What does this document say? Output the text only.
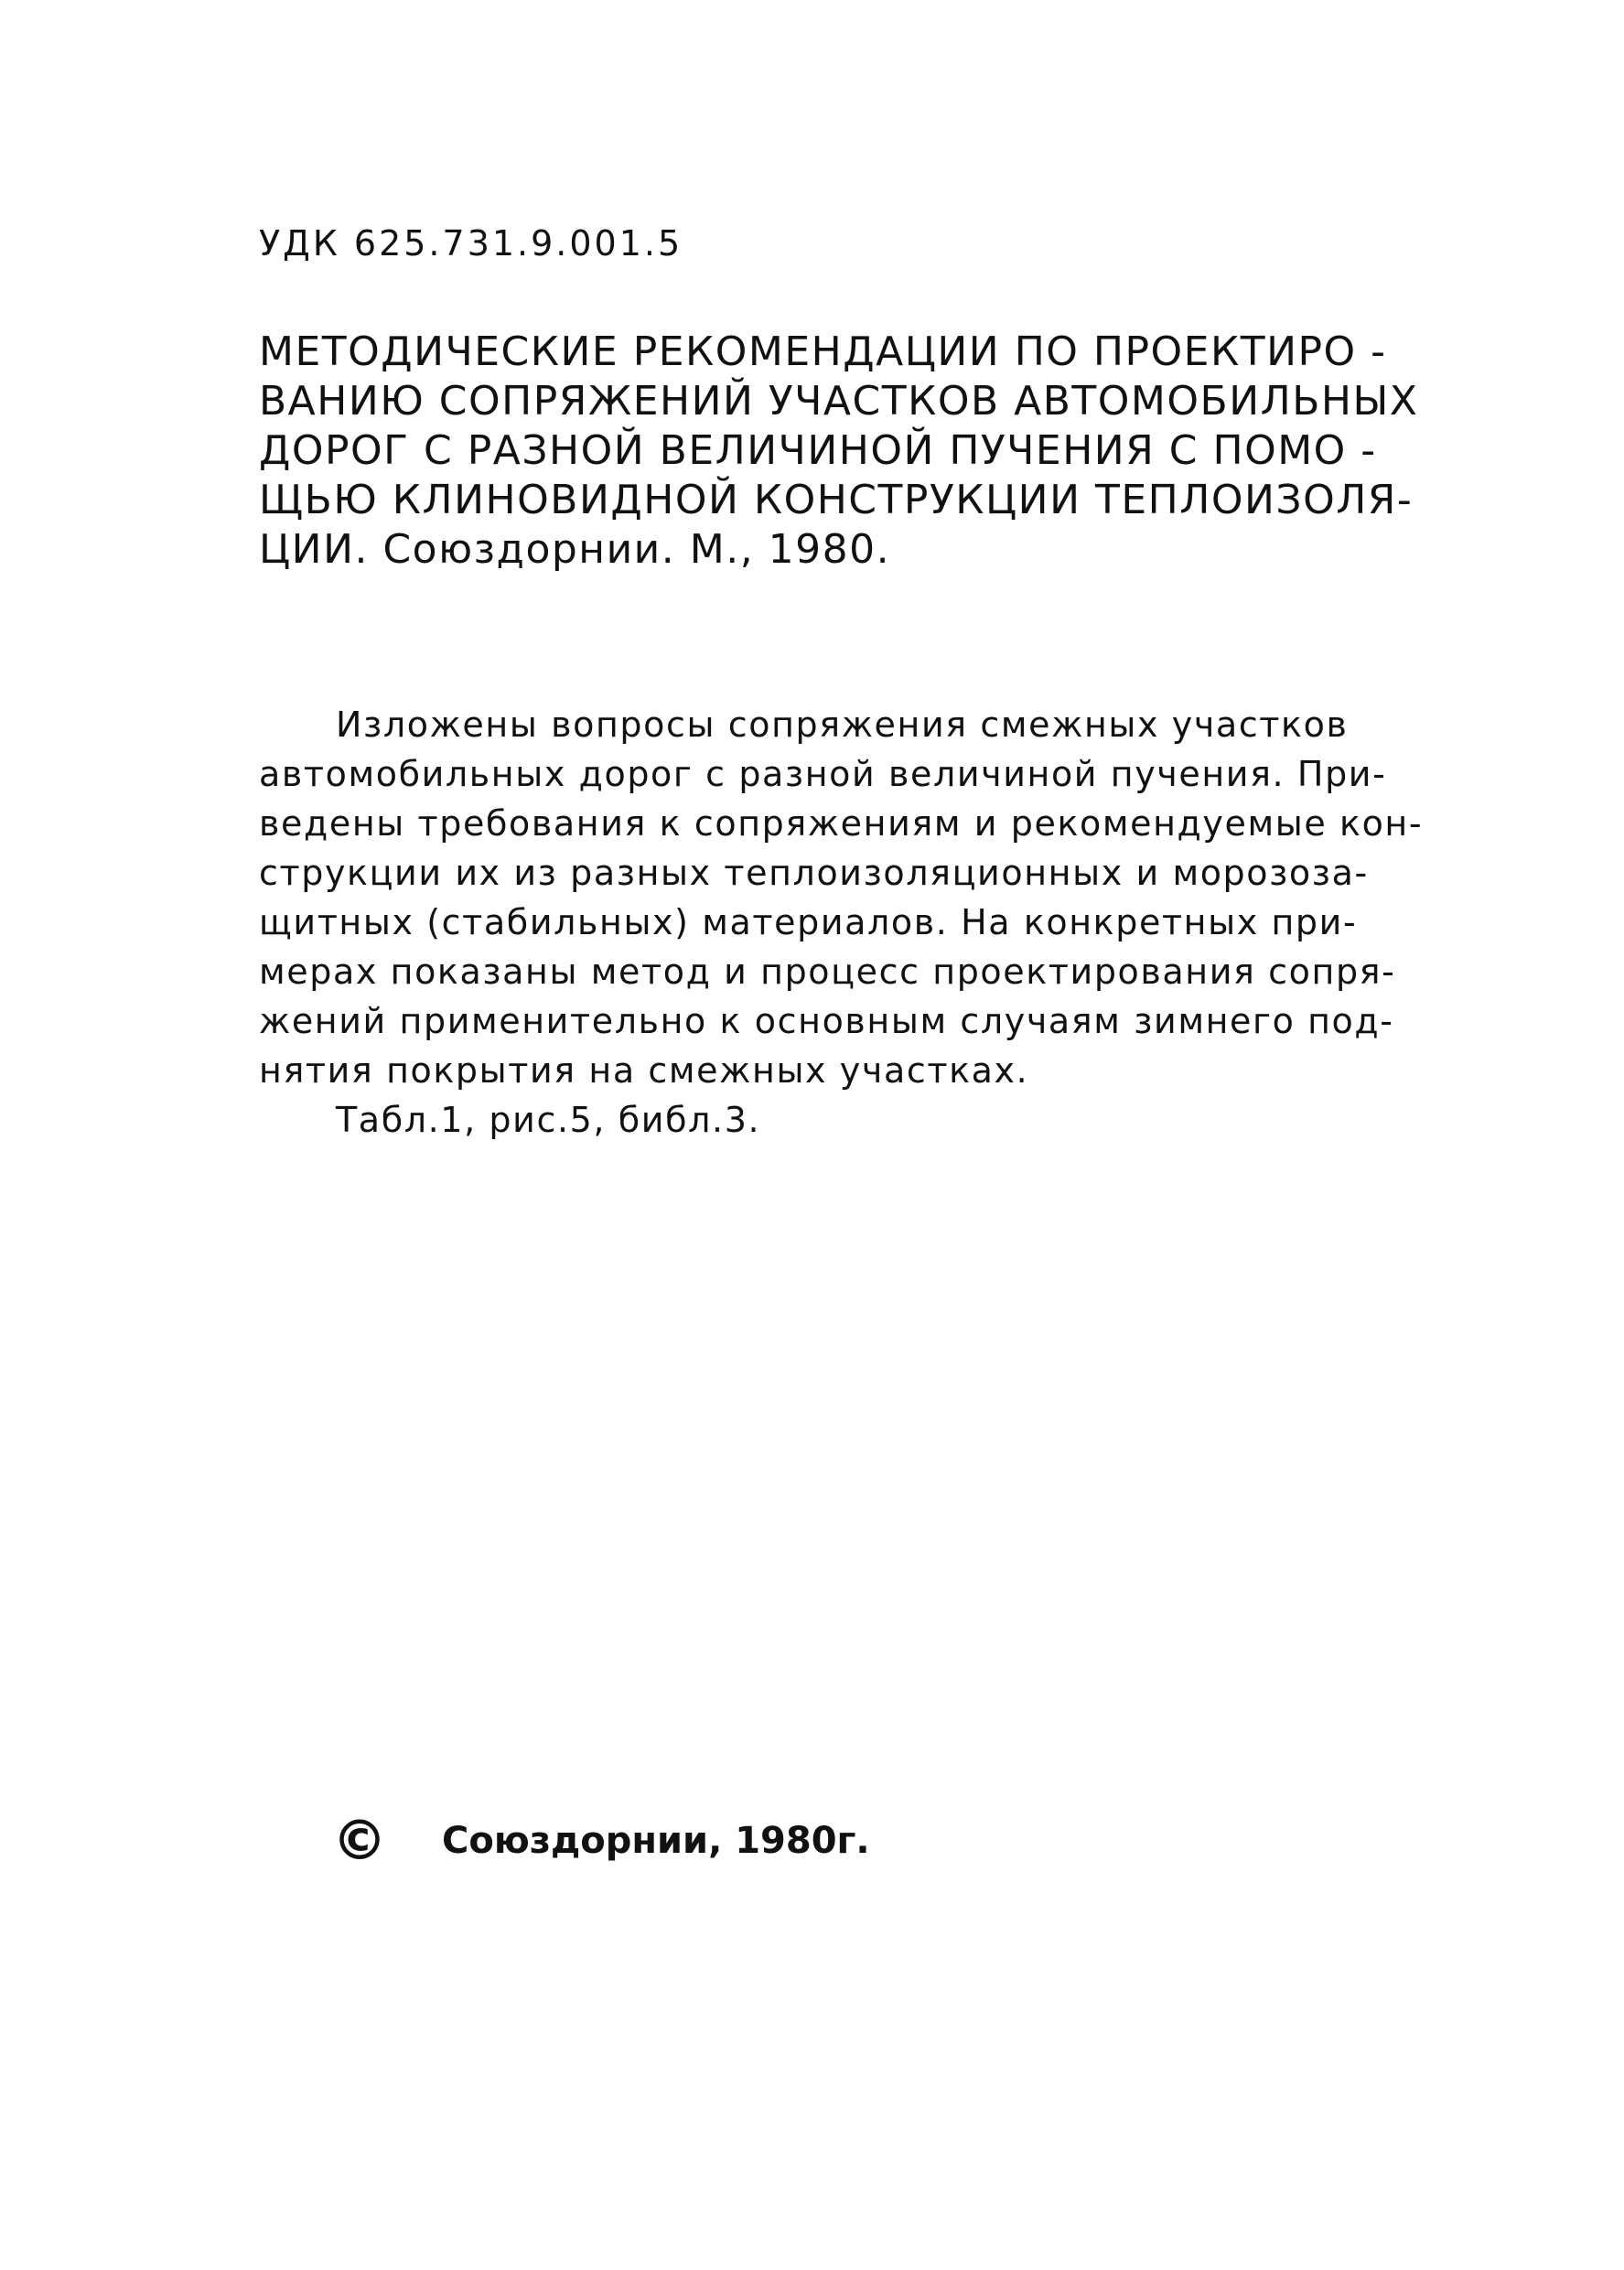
УДК 625.731.9.001.5
МЕТОДИЧЕСКИЕ РЕКОМЕНДАЦИИ ПО ПРОЕКТИРО -
ВАНИЮ СОПРЯЖЕНИЙ УЧАСТКОВ АВТОМОБИЛЬНЫХ
ДОРОГ С РАЗНОЙ ВЕЛИЧИНОЙ ПУЧЕНИЯ С ПОМО -
ЩЬЮ КЛИНОВИДНОЙ КОНСТРУКЦИИ ТЕПЛОИЗОЛЯ-
ЦИИ. Союздорнии. М., 1980.
Изложены вопросы сопряжения смежных участков
автомобильных дорог с разной величиной пучения. При-
ведены требования к сопряжениям и рекомендуемые кон-
струкции их из разных теплоизоляционных и морозоза-
щитных (стабильных) материалов. На конкретных при-
мерах показаны метод и процесс проектирования сопря-
жений применительно к основным случаям зимнего под-
нятия покрытия на смежных участках.
Табл.1, рис.5, библ.3.
© Союздорнии, 1980г.
